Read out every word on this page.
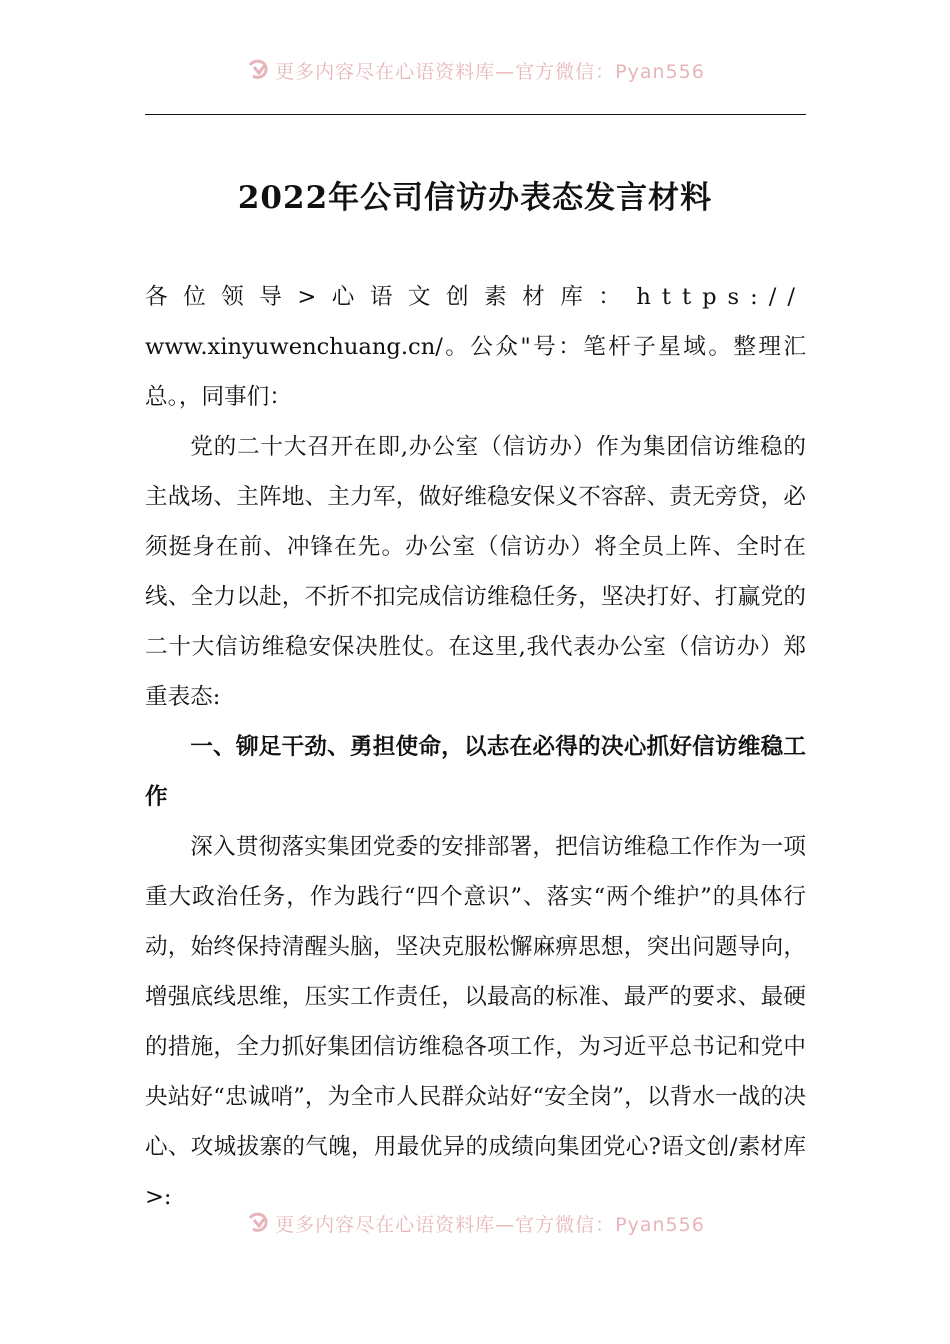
更多内容尽在心语资料库—官方微信：Pyan556
2022年公司信访办表态发言材料

各位领导>心语文创素材库：https://
www.xinyuwenchuang.cn/。公众"号：笔杆子星域。整理汇总。，同事们：

党的二十大召开在即,办公室（信访办）作为集团信访维稳的主战场、主阵地、主力军，做好维稳安保义不容辞、责无旁贷，必须挺身在前、冲锋在先。办公室（信访办）将全员上阵、全时在线、全力以赴，不折不扣完成信访维稳任务，坚决打好、打赢党的二十大信访维稳安保决胜仗。在这里,我代表办公室（信访办）郑重表态:

一、铆足干劲、勇担使命，以志在必得的决心抓好信访维稳工作

深入贯彻落实集团党委的安排部署，把信访维稳工作作为一项重大政治任务，作为践行“四个意识”、落实“两个维护”的具体行动，始终保持清醒头脑，坚决克服松懈麻痹思想，突出问题导向，增强底线思维，压实工作责任，以最高的标准、最严的要求、最硬的措施，全力抓好集团信访维稳各项工作，为习近平总书记和党中央站好“忠诚哨”，为全市人民群众站好“安全岗”，以背水一战的决心、攻城拔寨的气魄，用最优异的成绩向集团党心?语文创/素材库>:

更多内容尽在心语资料库—官方微信：Pyan556
